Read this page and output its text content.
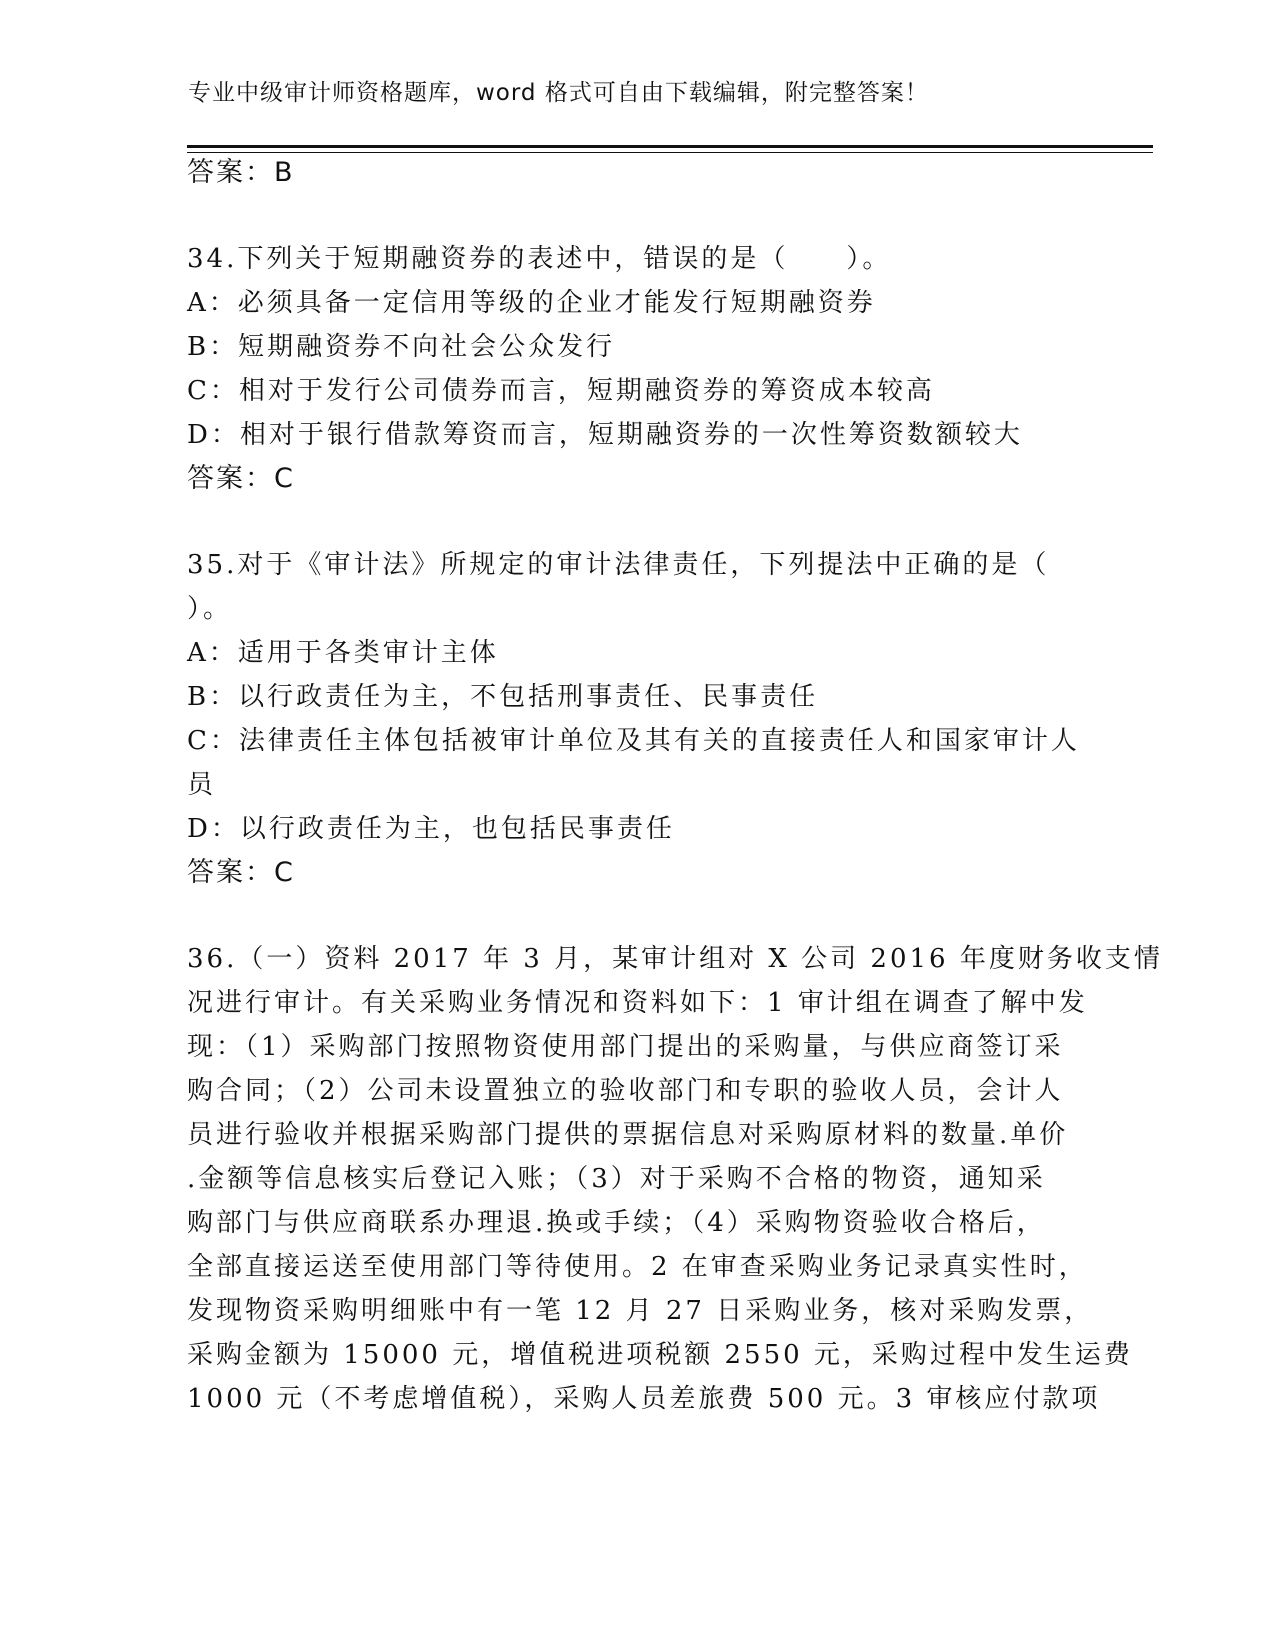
专业中级审计师资格题库，word 格式可自由下载编辑，附完整答案！
答案：B
34.下列关于短期融资券的表述中，错误的是（　　）。
A：必须具备一定信用等级的企业才能发行短期融资券
B：短期融资券不向社会公众发行
C：相对于发行公司债券而言，短期融资券的筹资成本较高
D：相对于银行借款筹资而言，短期融资券的一次性筹资数额较大
答案：C
35.对于《审计法》所规定的审计法律责任，下列提法中正确的是（
）。
A：适用于各类审计主体
B：以行政责任为主，不包括刑事责任、民事责任
C：法律责任主体包括被审计单位及其有关的直接责任人和国家审计人
员
D：以行政责任为主，也包括民事责任
答案：C
36.（一）资料 2017 年 3 月，某审计组对 X 公司 2016 年度财务收支情
况进行审计。有关采购业务情况和资料如下：1 审计组在调查了解中发
现：（1）采购部门按照物资使用部门提出的采购量，与供应商签订采
购合同；（2）公司未设置独立的验收部门和专职的验收人员，会计人
员进行验收并根据采购部门提供的票据信息对采购原材料的数量.单价
.金额等信息核实后登记入账；（3）对于采购不合格的物资，通知采
购部门与供应商联系办理退.换或手续；（4）采购物资验收合格后，
全部直接运送至使用部门等待使用。2 在审查采购业务记录真实性时，
发现物资采购明细账中有一笔 12 月 27 日采购业务，核对采购发票，
采购金额为 15000 元，增值税进项税额 2550 元，采购过程中发生运费
1000 元（不考虑增值税），采购人员差旅费 500 元。3 审核应付款项
